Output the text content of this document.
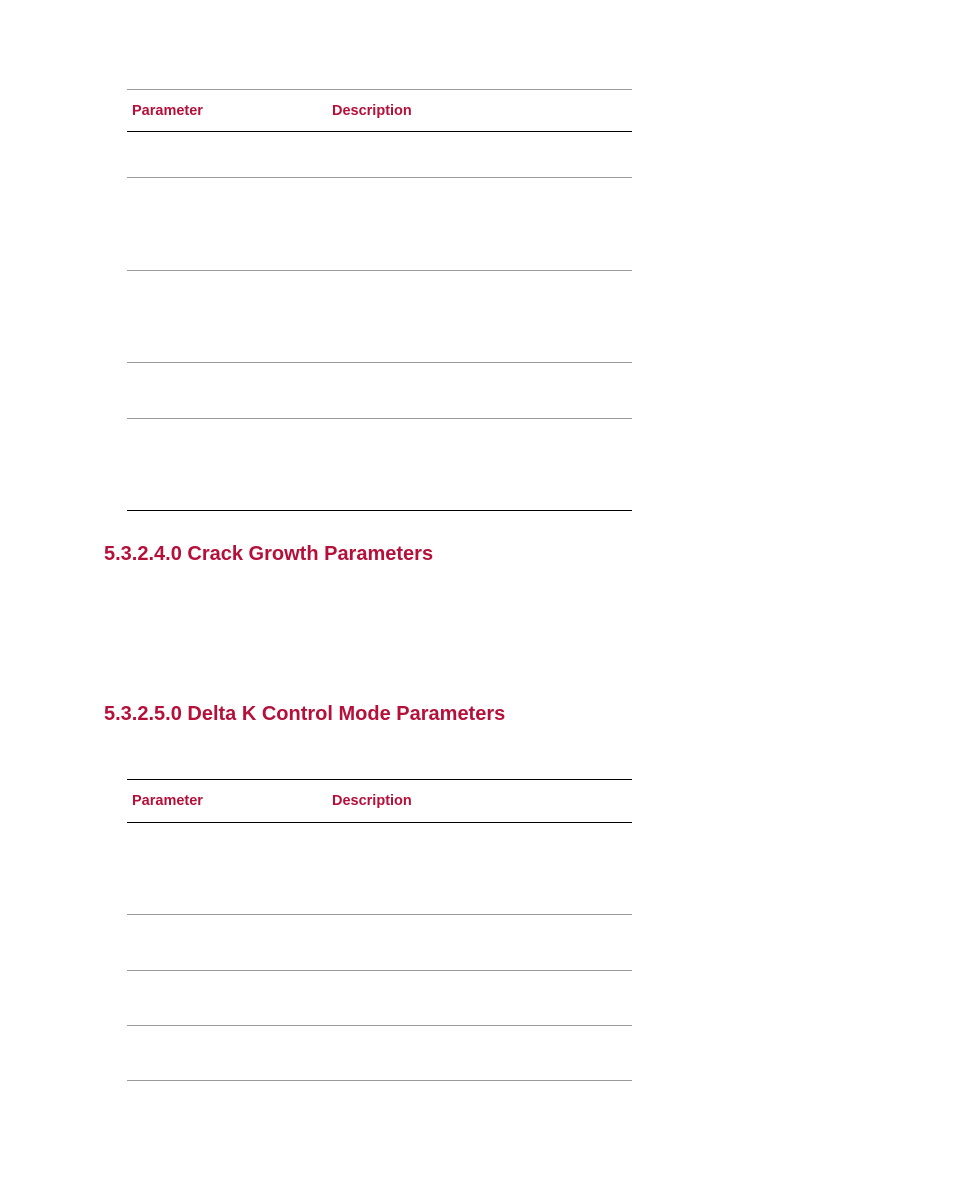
Parameter	Description

5.3.2.4.0 Crack Growth Parameters
5.3.2.5.0 Delta K Control Mode Parameters
Parameter	Description
